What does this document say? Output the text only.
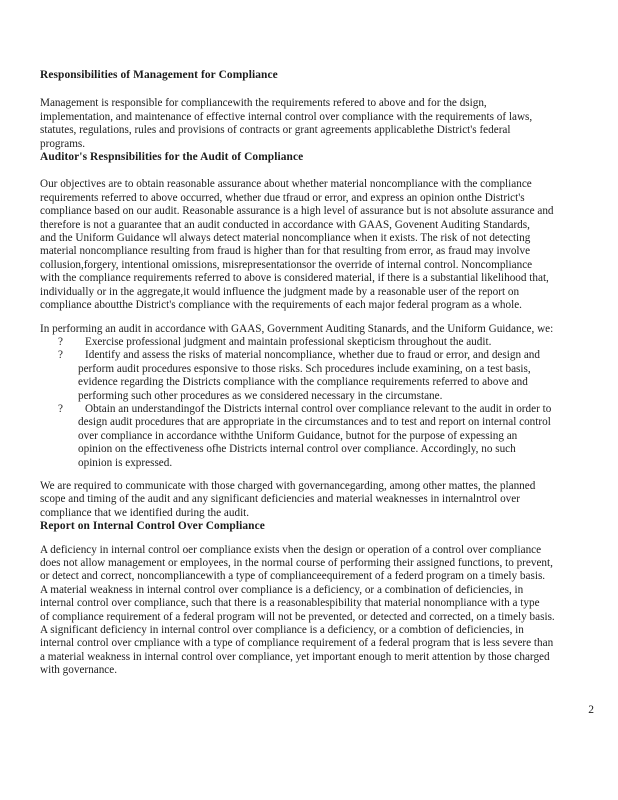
Responsibilities of Management for Compliance
Management is responsible for compliancewith the requirements refered to above and for the dsign,
implementation, and maintenance of effective internal control over compliance with the requirements of laws,
statutes, regulations, rules and provisions of contracts or grant agreements applicablethe District's federal
programs.
Auditor's Respnsibilities for the Audit of Compliance
Our objectives are to obtain reasonable assurance about whether material noncompliance with the compliance
requirements referred to above occurred, whether due tfraud or error, and express an opinion onthe District's
compliance based on our audit. Reasonable assurance is a high level of assurance but is not absolute assurance and
therefore is not a guarantee that an audit conducted in accordance with GAAS, Govenent Auditing Standards,
and the Uniform Guidance wll always detect material noncompliance when it exists. The risk of not detecting
material noncompliance resulting from fraud is higher than for that resulting from error, as fraud may involve
collusion,forgery, intentional omissions, misrepresentationsor the override of internal control. Noncompliance
with the compliance requirements referred to above is considered material, if there is a substantial likelihood that,
individually or in the aggregate,it would influence the judgment made by a reasonable user of the report on
compliance aboutthe District's compliance with the requirements of each major federal program as a whole.
In performing an audit in accordance with GAAS, Government Auditing Stanards, and the Uniform Guidance, we:
?	Exercise professional judgment and maintain professional skepticism throughout the audit.
?	Identify and assess the risks of material noncompliance, whether due to fraud or error, and design and
perform audit procedures esponsive to those risks. Sch procedures include examining, on a test basis,
evidence regarding the Districts compliance with the compliance requirements referred to above and
performing such other procedures as we considered necessary in the circumstane.
?	Obtain an understandingof the Districts internal control over compliance relevant to the audit in order to
design audit procedures that are appropriate in the circumstances and to test and report on internal control
over compliance in accordance withthe Uniform Guidance, butnot for the purpose of expessing an
opinion on the effectiveness ofhe Districts internal control over compliance. Accordingly, no such
opinion is expressed.
We are required to communicate with those charged with governancegarding, among other mattes, the planned
scope and timing of the audit and any significant deficiencies and material weaknesses in internalntrol over
compliance that we identified during the audit.
Report on Internal Control Over Compliance
A deficiency in internal control oer compliance exists vhen the design or operation of a control over compliance
does not allow management or employees, in the normal course of performing their assigned functions, to prevent,
or detect and correct, noncompliancewith a type of complianceequirement of a federd program on a timely basis.
A material weakness in internal control over compliance is a deficiency, or a combination of deficiencies, in
internal control over compliance, such that there is a reasonablespibility that material nonompliance with a type
of compliance requirement of a federal program will not be prevented, or detected and corrected, on a timely basis.
A significant deficiency in internal control over compliance is a deficiency, or a combtion of deficiencies, in
internal control over cmpliance with a type of compliance requirement of a federal program that is less severe than
a material weakness in internal control over compliance, yet important enough to merit attention by those charged
with governance.
2
